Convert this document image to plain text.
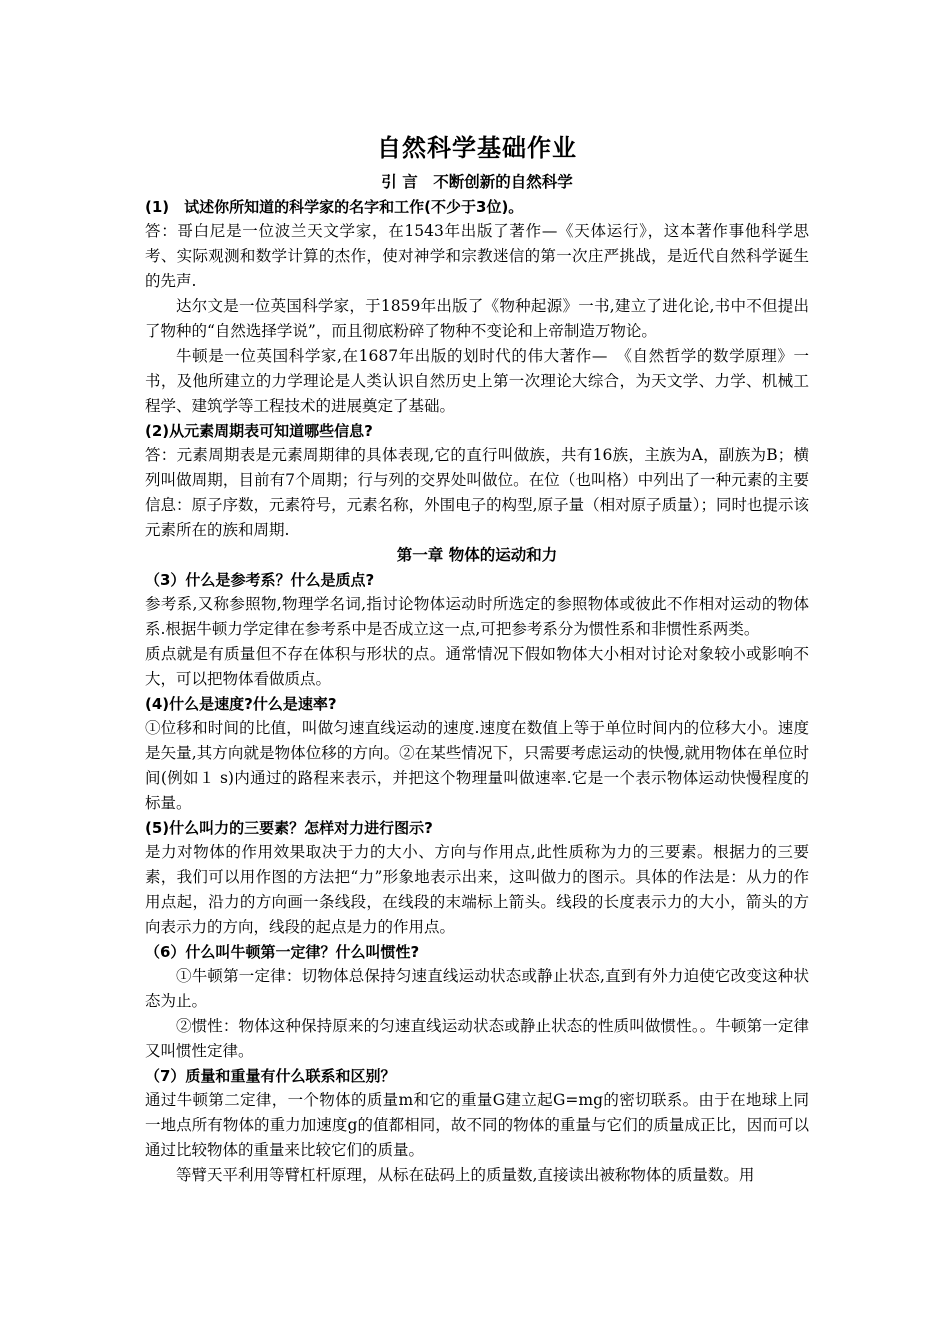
自然科学基础作业

引 言　不断创新的自然科学

(1)　试述你所知道的科学家的名字和工作(不少于3位)。

答：哥白尼是一位波兰天文学家，在1543年出版了著作—《天体运行》，这本著作事他科学思考、实际观测和数学计算的杰作，使对神学和宗教迷信的第一次庄严挑战，是近代自然科学诞生的先声.

达尔文是一位英国科学家，于1859年出版了《物种起源》一书,建立了进化论,书中不但提出了物种的“自然选择学说”，而且彻底粉碎了物种不变论和上帝制造万物论。

牛顿是一位英国科学家,在1687年出版的划时代的伟大著作—　《自然哲学的数学原理》一书，及他所建立的力学理论是人类认识自然历史上第一次理论大综合，为天文学、力学、机械工程学、建筑学等工程技术的进展奠定了基础。

(2)从元素周期表可知道哪些信息?

答：元素周期表是元素周期律的具体表现,它的直行叫做族，共有16族，主族为A，副族为B；横列叫做周期，目前有7个周期；行与列的交界处叫做位。在位（也叫格）中列出了一种元素的主要信息：原子序数，元素符号，元素名称，外围电子的构型,原子量（相对原子质量）；同时也提示该元素所在的族和周期.

第一章 物体的运动和力

（3）什么是参考系？什么是质点?

参考系,又称参照物,物理学名词,指讨论物体运动时所选定的参照物体或彼此不作相对运动的物体系.根据牛顿力学定律在参考系中是否成立这一点,可把参考系分为惯性系和非惯性系两类。

质点就是有质量但不存在体积与形状的点。通常情况下假如物体大小相对讨论对象较小或影响不大，可以把物体看做质点。

(4)什么是速度?什么是速率?

①位移和时间的比值，叫做匀速直线运动的速度.速度在数值上等于单位时间内的位移大小。速度是矢量,其方向就是物体位移的方向。②在某些情况下，只需要考虑运动的快慢,就用物体在单位时间(例如１ s)内通过的路程来表示，并把这个物理量叫做速率.它是一个表示物体运动快慢程度的标量。

(5)什么叫力的三要素？怎样对力进行图示?

是力对物体的作用效果取决于力的大小、方向与作用点,此性质称为力的三要素。根据力的三要素，我们可以用作图的方法把“力”形象地表示出来，这叫做力的图示。具体的作法是：从力的作用点起，沿力的方向画一条线段，在线段的末端标上箭头。线段的长度表示力的大小，箭头的方向表示力的方向，线段的起点是力的作用点。

（6）什么叫牛顿第一定律？什么叫惯性?

①牛顿第一定律：切物体总保持匀速直线运动状态或静止状态,直到有外力迫使它改变这种状态为止。

②惯性：物体这种保持原来的匀速直线运动状态或静止状态的性质叫做惯性。。牛顿第一定律又叫惯性定律。

（7）质量和重量有什么联系和区别？

通过牛顿第二定律，一个物体的质量m和它的重量G建立起G=mg的密切联系。由于在地球上同一地点所有物体的重力加速度g的值都相同，故不同的物体的重量与它们的质量成正比，因而可以通过比较物体的重量来比较它们的质量。

等臂天平利用等臂杠杆原理，从标在砝码上的质量数,直接读出被称物体的质量数。用
